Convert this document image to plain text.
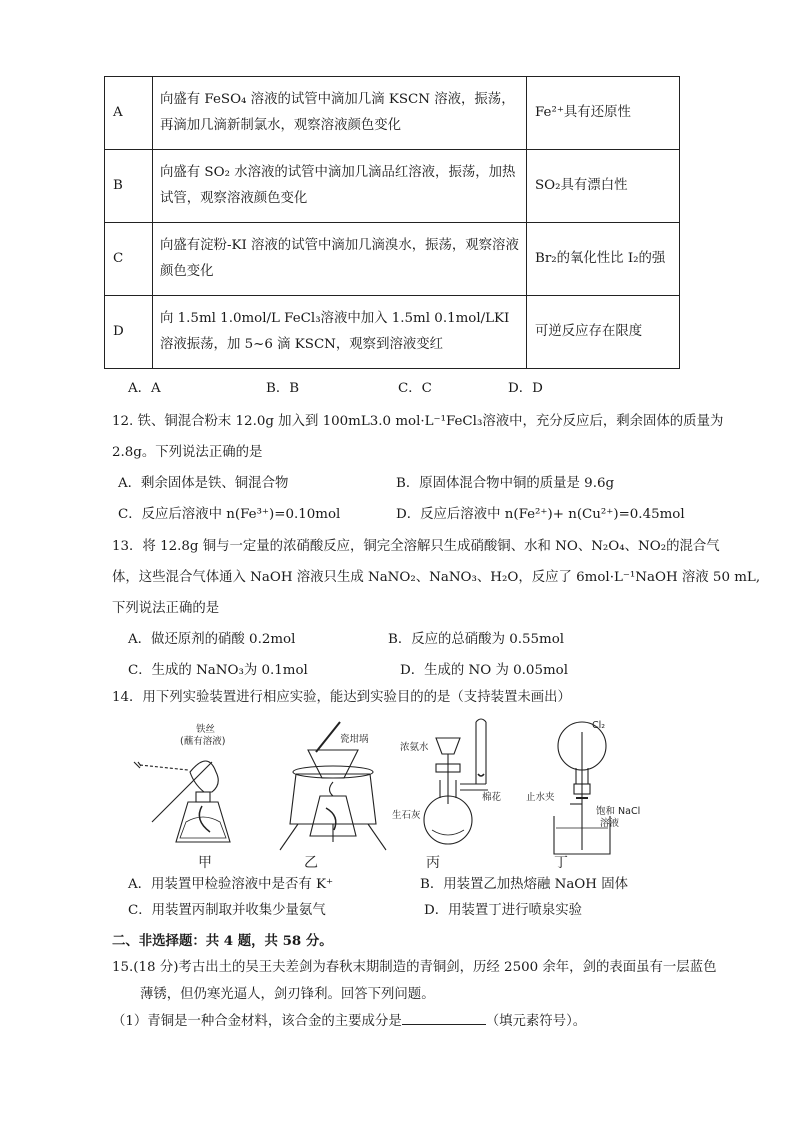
A	向盛有 FeSO₄ 溶液的试管中滴加几滴 KSCN 溶液，振荡，再滴加几滴新制氯水，观察溶液颜色变化	Fe²⁺具有还原性
B	向盛有 SO₂ 水溶液的试管中滴加几滴品红溶液，振荡，加热试管，观察溶液颜色变化	SO₂具有漂白性
C	向盛有淀粉-KI 溶液的试管中滴加几滴溴水，振荡，观察溶液颜色变化	Br₂的氧化性比 I₂的强
D	向 1.5ml 1.0mol/L FeCl₃溶液中加入 1.5ml 0.1mol/LKI 溶液振荡，加 5~6 滴 KSCN，观察到溶液变红	可逆反应存在限度
A．A	B．B	C．C	D．D
12. 铁、铜混合粉末 12.0g 加入到 100mL3.0 mol·L⁻¹FeCl₃溶液中，充分反应后，剩余固体的质量为
2.8g。下列说法正确的是
A．剩余固体是铁、铜混合物	B．原固体混合物中铜的质量是 9.6g
C．反应后溶液中 n(Fe³⁺)=0.10mol	D．反应后溶液中 n(Fe²⁺)+ n(Cu²⁺)=0.45mol
13．将 12.8g 铜与一定量的浓硝酸反应，铜完全溶解只生成硝酸铜、水和 NO、N₂O₄、NO₂的混合气
体，这些混合气体通入 NaOH 溶液只生成 NaNO₂、NaNO₃、H₂O，反应了 6mol·L⁻¹NaOH 溶液 50 mL,
下列说法正确的是
A．做还原剂的硝酸 0.2mol	B．反应的总硝酸为 0.55mol
C．生成的 NaNO₃为 0.1mol	D．生成的 NO 为 0.05mol
14．用下列实验装置进行相应实验，能达到实验目的的是（支持装置未画出）
铁丝
(蘸有溶液)	瓷坩埚
浓氨水
棉花
生石灰
Cl₂
止水夹
饱和 NaCl
溶液
甲	乙	丙	丁
A．用装置甲检验溶液中是否有 K⁺	B．用装置乙加热熔融 NaOH 固体
C．用装置丙制取并收集少量氨气	D．用装置丁进行喷泉实验
二、非选择题：共 4 题，共 58 分。
15.(18 分)考古出土的吴王夫差剑为春秋末期制造的青铜剑，历经 2500 余年，剑的表面虽有一层蓝色
薄锈，但仍寒光逼人，剑刃锋利。回答下列问题。
（1）青铜是一种合金材料，该合金的主要成分是	（填元素符号）。
